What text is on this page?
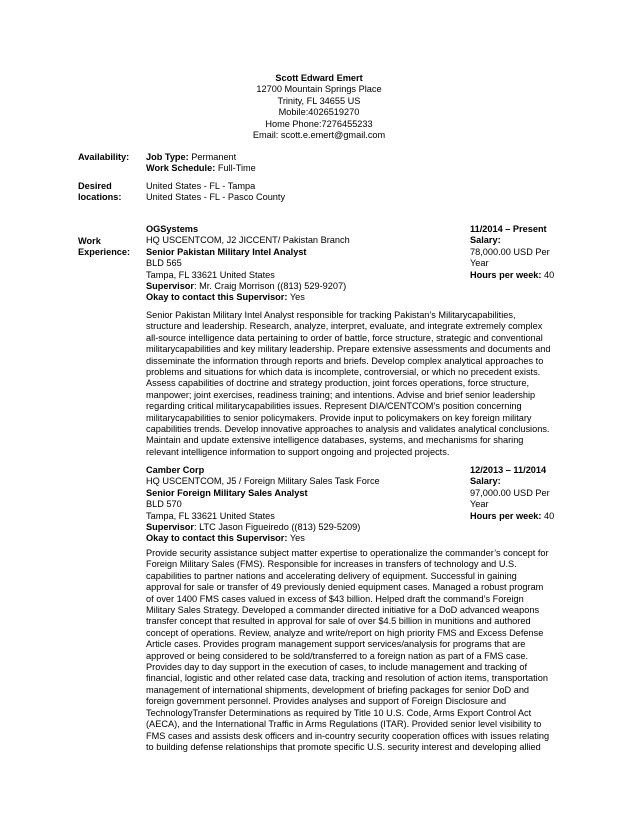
Scott Edward Emert
12700 Mountain Springs Place
Trinity, FL 34655 US
Mobile:4026519270
Home Phone:7276455233
Email: scott.e.emert@gmail.com
Availability:	Job Type: Permanent
Work Schedule: Full-Time
Desired
locations:
United States - FL - Tampa
United States - FL - Pasco County
Work
Experience:
OGSystems
HQ USCENTCOM, J2 JICCENT/ Pakistan Branch
Senior Pakistan Military Intel Analyst
BLD 565
Tampa, FL 33621 United States
Supervisor: Mr. Craig Morrison ((813) 529-9207)
Okay to contact this Supervisor: Yes
11/2014 – Present
Salary:
78,000.00 USD Per
Year
Hours per week: 40
Senior Pakistan Military Intel Analyst responsible for tracking Pakistan’s Militarycapabilities,
structure and leadership. Research, analyze, interpret, evaluate, and integrate extremely complex
all-source intelligence data pertaining to order of battle, force structure, strategic and conventional
militarycapabilities and key military leadership. Prepare extensive assessments and documents and
disseminate the information through reports and briefs. Develop complex analytical approaches to
problems and situations for which data is incomplete, controversial, or which no precedent exists.
Assess capabilities of doctrine and strategy production, joint forces operations, force structure,
manpower; joint exercises, readiness training; and intentions. Advise and brief senior leadership
regarding critical militarycapabilities issues. Represent DIA/CENTCOM’s position concerning
militarycapabilities to senior policymakers. Provide input to policymakers on key foreign military
capabilities trends. Develop innovative approaches to analysis and validates analytical conclusions.
Maintain and update extensive intelligence databases, systems, and mechanisms for sharing
relevant intelligence information to support ongoing and projected projects.
Camber Corp
HQ USCENTCOM, J5 / Foreign Military Sales Task Force
Senior Foreign Military Sales Analyst
BLD 570
Tampa, FL 33621 United States
Supervisor: LTC Jason Figueiredo ((813) 529-5209)
Okay to contact this Supervisor: Yes
12/2013 – 11/2014
Salary:
97,000.00 USD Per
Year
Hours per week: 40
Provide security assistance subject matter expertise to operationalize the commander’s concept for
Foreign Military Sales (FMS). Responsible for increases in transfers of technology and U.S.
capabilities to partner nations and accelerating delivery of equipment. Successful in gaining
approval for sale or transfer of 49 previously denied equipment cases. Managed a robust program
of over 1400 FMS cases valued in excess of $43 billion. Helped draft the command’s Foreign
Military Sales Strategy. Developed a commander directed initiative for a DoD advanced weapons
transfer concept that resulted in approval for sale of over $4.5 billion in munitions and authored
concept of operations. Review, analyze and write/report on high priority FMS and Excess Defense
Article cases. Provides program management support services/analysis for programs that are
approved or being considered to be sold/transferred to a foreign nation as part of a FMS case.
Provides day to day support in the execution of cases, to include management and tracking of
financial, logistic and other related case data, tracking and resolution of action items, transportation
management of international shipments, development of briefing packages for senior DoD and
foreign government personnel. Provides analyses and support of Foreign Disclosure and
TechnologyTransfer Determinations as required by Title 10 U.S. Code, Arms Export Control Act
(AECA), and the International Traffic in Arms Regulations (ITAR). Provided senior level visibility to
FMS cases and assists desk officers and in-country security cooperation offices with issues relating
to building defense relationships that promote specific U.S. security interest and developing allied
